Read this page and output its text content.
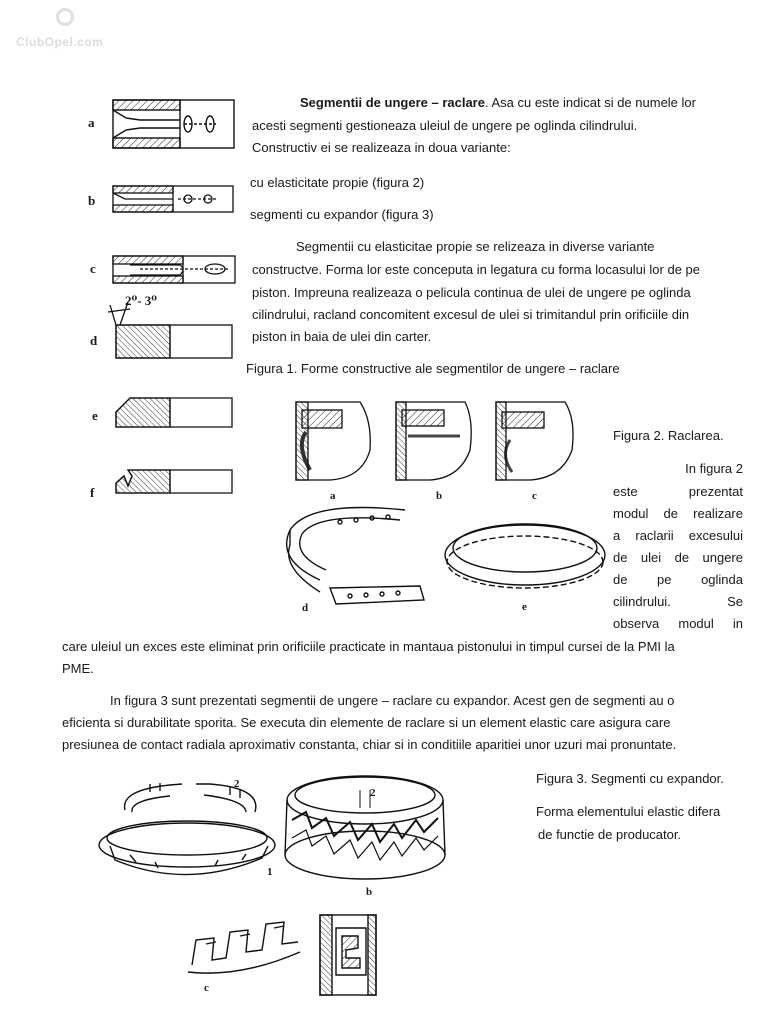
ClubOpel.com
Segmentii de ungere – raclare. Asa cu este indicat si de numele lor
acesti segmenti gestioneaza uleiul de ungere pe oglinda cilindrului.
Constructiv ei se realizeaza in doua variante:
cu elasticitate propie (figura 2)
segmenti cu expandor (figura 3)
Segmentii cu elasticitae propie se relizeaza in diverse variante
constructve. Forma lor este conceputa in legatura cu forma locasului lor de pe
piston. Impreuna realizeaza o pelicula continua de ulei de ungere pe oglinda
cilindrului, racland concomitent excesul de ulei si trimitandul prin orificiile din
piston in baia de ulei din carter.
Figura 1. Forme constructive ale segmentilor de ungere – raclare
a
b
c
d
e
f
2⁰- 3⁰
a	b	c
d	e
Figura 2. Raclarea.
In figura 2
este prezentat
modul de realizare
a raclarii excesului
de ulei de ungere
de pe oglinda
cilindrului. Se
observa modul in
care uleiul un exces este eliminat prin orificiile practicate in mantaua pistonului in timpul cursei de la PMI la
PME.
In figura 3 sunt prezentati segmentii de ungere – raclare cu expandor. Acest gen de segmenti au o
eficienta si durabilitate sporita. Se executa din elemente de raclare si un element elastic care asigura care
presiunea de contact radiala aproximativ constanta, chiar si in conditiile aparitiei unor uzuri mai pronuntate.
Figura 3. Segmenti cu expandor.
Forma elementului elastic difera
de functie de producator.
1
2
b
2
c
